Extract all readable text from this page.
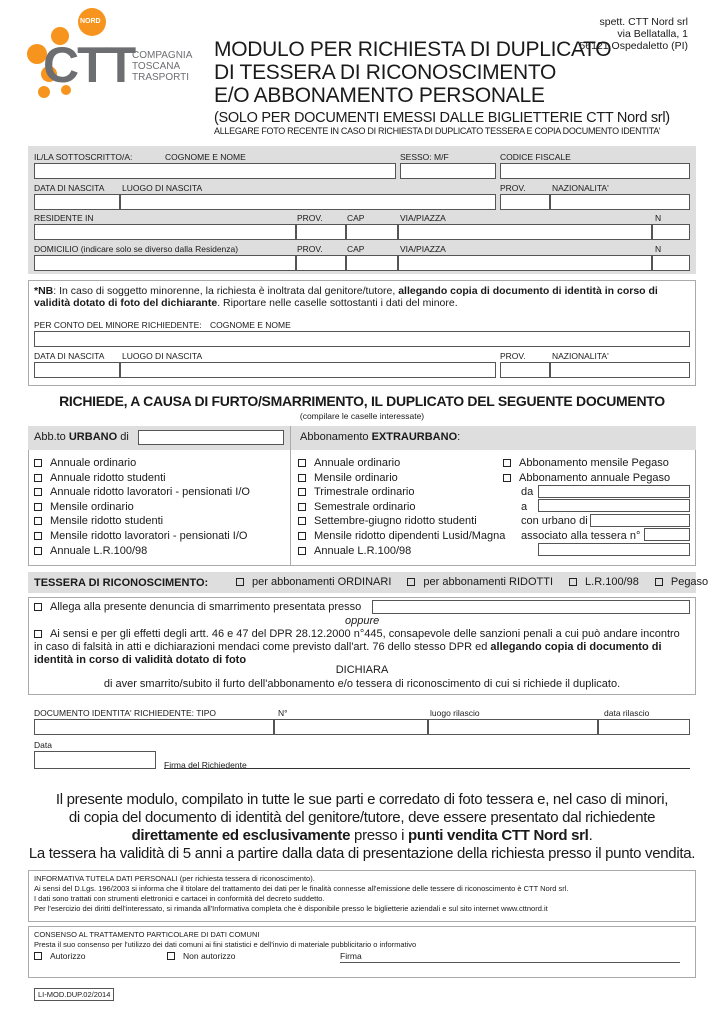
NORD
CTT
COMPAGNIA
TOSCANA
TRASPORTI
MODULO PER RICHIESTA DI DUPLICATO
DI TESSERA DI RICONOSCIMENTO
E/O ABBONAMENTO PERSONALE
(SOLO PER DOCUMENTI EMESSI DALLE BIGLIETTERIE CTT Nord srl)
ALLEGARE FOTO RECENTE IN CASO DI RICHIESTA DI DUPLICATO TESSERA E COPIA DOCUMENTO IDENTITA'
spett. CTT Nord srl
via Bellatalla, 1
56121 Ospedaletto (PI)
IL/LA SOTTOSCRITTO/A:	COGNOME E NOME	SESSO: M/F	CODICE FISCALE
DATA DI NASCITA LUOGO DI NASCITA	PROV.	NAZIONALITA'
RESIDENTE IN	PROV.	CAP	VIA/PIAZZA	N
DOMICILIO (indicare solo se diverso dalla Residenza)	PROV.	CAP	VIA/PIAZZA	N
*NB: In caso di soggetto minorenne, la richiesta è inoltrata dal genitore/tutore, allegando copia di documento di identità in corso di validità dotato di foto del dichiarante. Riportare nelle caselle sottostanti i dati del minore.
PER CONTO DEL MINORE RICHIEDENTE: COGNOME E NOME
DATA DI NASCITA LUOGO DI NASCITA	PROV.	NAZIONALITA'
RICHIEDE, A CAUSA DI FURTO/SMARRIMENTO, IL DUPLICATO DEL SEGUENTE DOCUMENTO
(compilare le caselle interessate)
Abb.to URBANO di	Abbonamento EXTRAURBANO:
Annuale ordinario
Annuale ridotto studenti
Annuale ridotto lavoratori - pensionati I/O
Mensile ordinario
Mensile ridotto studenti
Mensile ridotto lavoratori - pensionati I/O
Annuale L.R.100/98
Annuale ordinario
Mensile ordinario
Trimestrale ordinario
Semestrale ordinario
Settembre-giugno ridotto studenti
Mensile ridotto dipendenti Lusid/Magna
Annuale L.R.100/98
Abbonamento mensile Pegaso
Abbonamento annuale Pegaso
da
a
con urbano di
associato alla tessera n°
TESSERA DI RICONOSCIMENTO:	per abbonamenti ORDINARI	per abbonamenti RIDOTTI	L.R.100/98	Pegaso
Allega alla presente denuncia di smarrimento presentata presso
oppure
Ai sensi e per gli effetti degli artt. 46 e 47 del DPR 28.12.2000 n°445, consapevole delle sanzioni penali a cui può andare incontro in caso di falsità in atti e dichiarazioni mendaci come previsto dall'art. 76 dello stesso DPR ed allegando copia di documento di identità in corso di validità dotato di foto
DICHIARA
di aver smarrito/subito il furto dell'abbonamento e/o tessera di riconoscimento di cui si richiede il duplicato.
DOCUMENTO IDENTITA' RICHIEDENTE: TIPO	N°	luogo rilascio	data rilascio
Data
Firma del Richiedente
Il presente modulo, compilato in tutte le sue parti e corredato di foto tessera e, nel caso di minori,
di copia del documento di identità del genitore/tutore, deve essere presentato dal richiedente
direttamente ed esclusivamente presso i punti vendita CTT Nord srl.
La tessera ha validità di 5 anni a partire dalla data di presentazione della richiesta presso il punto vendita.
INFORMATIVA TUTELA DATI PERSONALI (per richiesta tessera di riconoscimento).
Ai sensi del D.Lgs. 196/2003 si informa che il titolare del trattamento dei dati per le finalità connesse all'emissione delle tessere di riconoscimento è CTT Nord srl.
I dati sono trattati con strumenti elettronici e cartacei in conformità del decreto suddetto.
Per l'esercizio dei diritti dell'interessato, si rimanda all'Informativa completa che è disponibile presso le biglietterie aziendali e sul sito internet www.cttnord.it
CONSENSO AL TRATTAMENTO PARTICOLARE DI DATI COMUNI
Presta il suo consenso per l'utilizzo dei dati comuni ai fini statistici e dell'invio di materiale pubblicitario o informativo
Autorizzo	Non autorizzo	Firma
LI-MOD.DUP.02/2014
